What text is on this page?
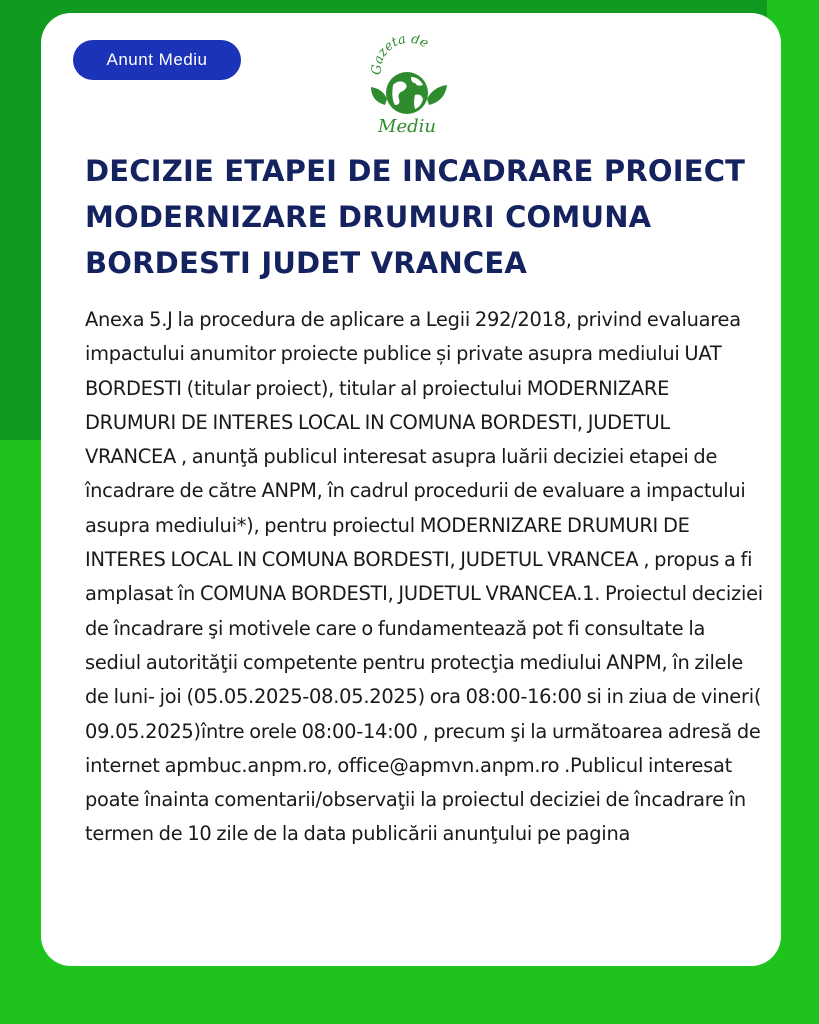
Anunt Mediu
Gazeta de
Mediu
DECIZIE ETAPEI DE INCADRARE PROIECT MODERNIZARE DRUMURI COMUNA BORDESTI JUDET VRANCEA

Anexa 5.J la procedura de aplicare a Legii 292/2018, privind evaluarea impactului anumitor proiecte publice și private asupra mediului UAT BORDESTI (titular proiect), titular al proiectului MODERNIZARE DRUMURI DE INTERES LOCAL IN COMUNA BORDESTI, JUDETUL VRANCEA , anunţă publicul interesat asupra luării deciziei etapei de încadrare de către ANPM, în cadrul procedurii de evaluare a impactului asupra mediului*), pentru proiectul MODERNIZARE DRUMURI DE INTERES LOCAL IN COMUNA BORDESTI, JUDETUL VRANCEA , propus a fi amplasat în COMUNA BORDESTI, JUDETUL VRANCEA.1. Proiectul deciziei de încadrare şi motivele care o fundamentează pot fi consultate la sediul autorităţii competente pentru protecţia mediului ANPM, în zilele de luni- joi (05.05.2025-08.05.2025) ora 08:00-16:00 si in ziua de vineri( 09.05.2025)între orele 08:00-14:00 , precum şi la următoarea adresă de internet apmbuc.anpm.ro, office@apmvn.anpm.ro .Publicul interesat poate înainta comentarii/observaţii la proiectul deciziei de încadrare în termen de 10 zile de la data publicării anunţului pe pagina
